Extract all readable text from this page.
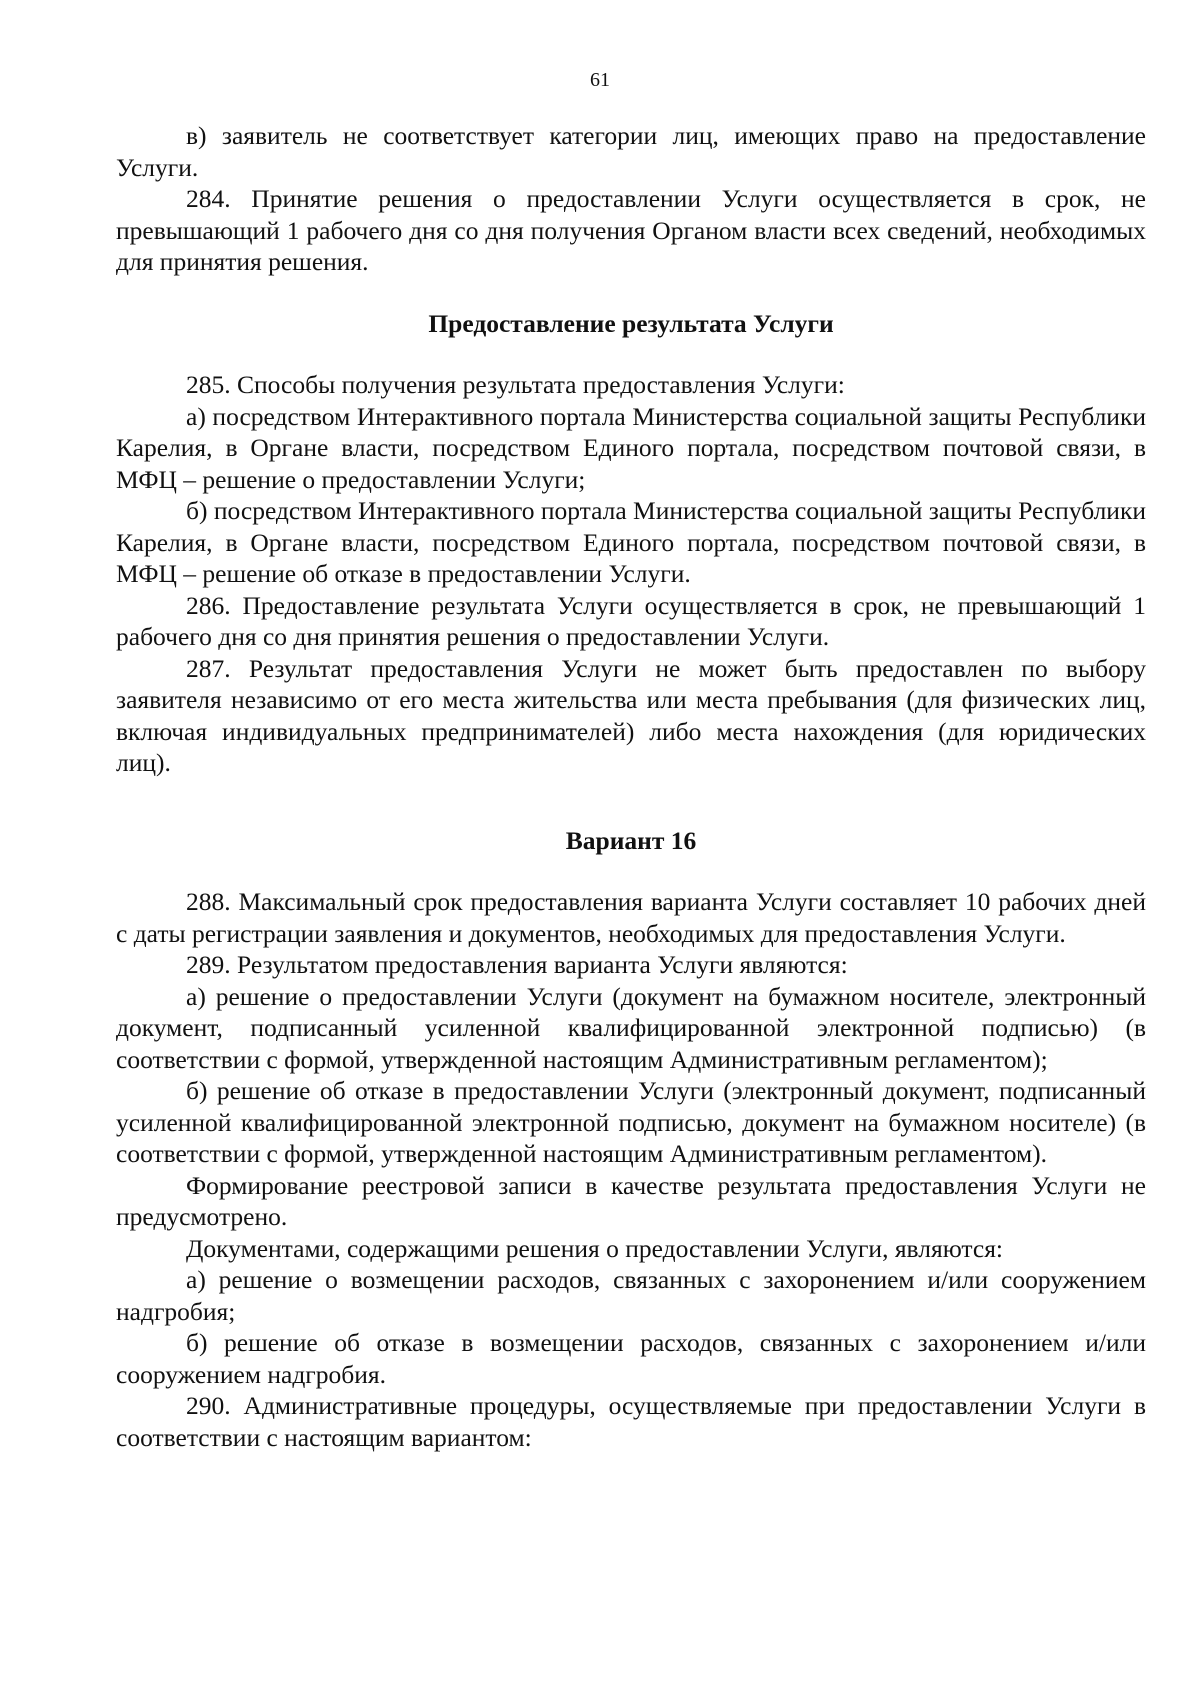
61

в) заявитель не соответствует категории лиц, имеющих право на предоставление Услуги.

284. Принятие решения о предоставлении Услуги осуществляется в срок, не превышающий 1 рабочего дня со дня получения Органом власти всех сведений, необходимых для принятия решения.

Предоставление результата Услуги

285. Способы получения результата предоставления Услуги:

а) посредством Интерактивного портала Министерства социальной защиты Республики Карелия, в Органе власти, посредством Единого портала, посредством почтовой связи, в МФЦ – решение о предоставлении Услуги;

б) посредством Интерактивного портала Министерства социальной защиты Республики Карелия, в Органе власти, посредством Единого портала, посредством почтовой связи, в МФЦ – решение об отказе в предоставлении Услуги.

286. Предоставление результата Услуги осуществляется в срок, не превышающий 1 рабочего дня со дня принятия решения о предоставлении Услуги.

287. Результат предоставления Услуги не может быть предоставлен по выбору заявителя независимо от его места жительства или места пребывания (для физических лиц, включая индивидуальных предпринимателей) либо места нахождения (для юридических лиц).

Вариант 16

288. Максимальный срок предоставления варианта Услуги составляет 10 рабочих дней с даты регистрации заявления и документов, необходимых для предоставления Услуги.

289. Результатом предоставления варианта Услуги являются:

а) решение о предоставлении Услуги (документ на бумажном носителе, электронный документ, подписанный усиленной квалифицированной электронной подписью) (в соответствии с формой, утвержденной настоящим Административным регламентом);

б) решение об отказе в предоставлении Услуги (электронный документ, подписанный усиленной квалифицированной электронной подписью, документ на бумажном носителе) (в соответствии с формой, утвержденной настоящим Административным регламентом).

Формирование реестровой записи в качестве результата предоставления Услуги не предусмотрено.

Документами, содержащими решения о предоставлении Услуги, являются:

а) решение о возмещении расходов, связанных с захоронением и/или сооружением надгробия;

б) решение об отказе в возмещении расходов, связанных с захоронением и/или сооружением надгробия.

290. Административные процедуры, осуществляемые при предоставлении Услуги в соответствии с настоящим вариантом:
